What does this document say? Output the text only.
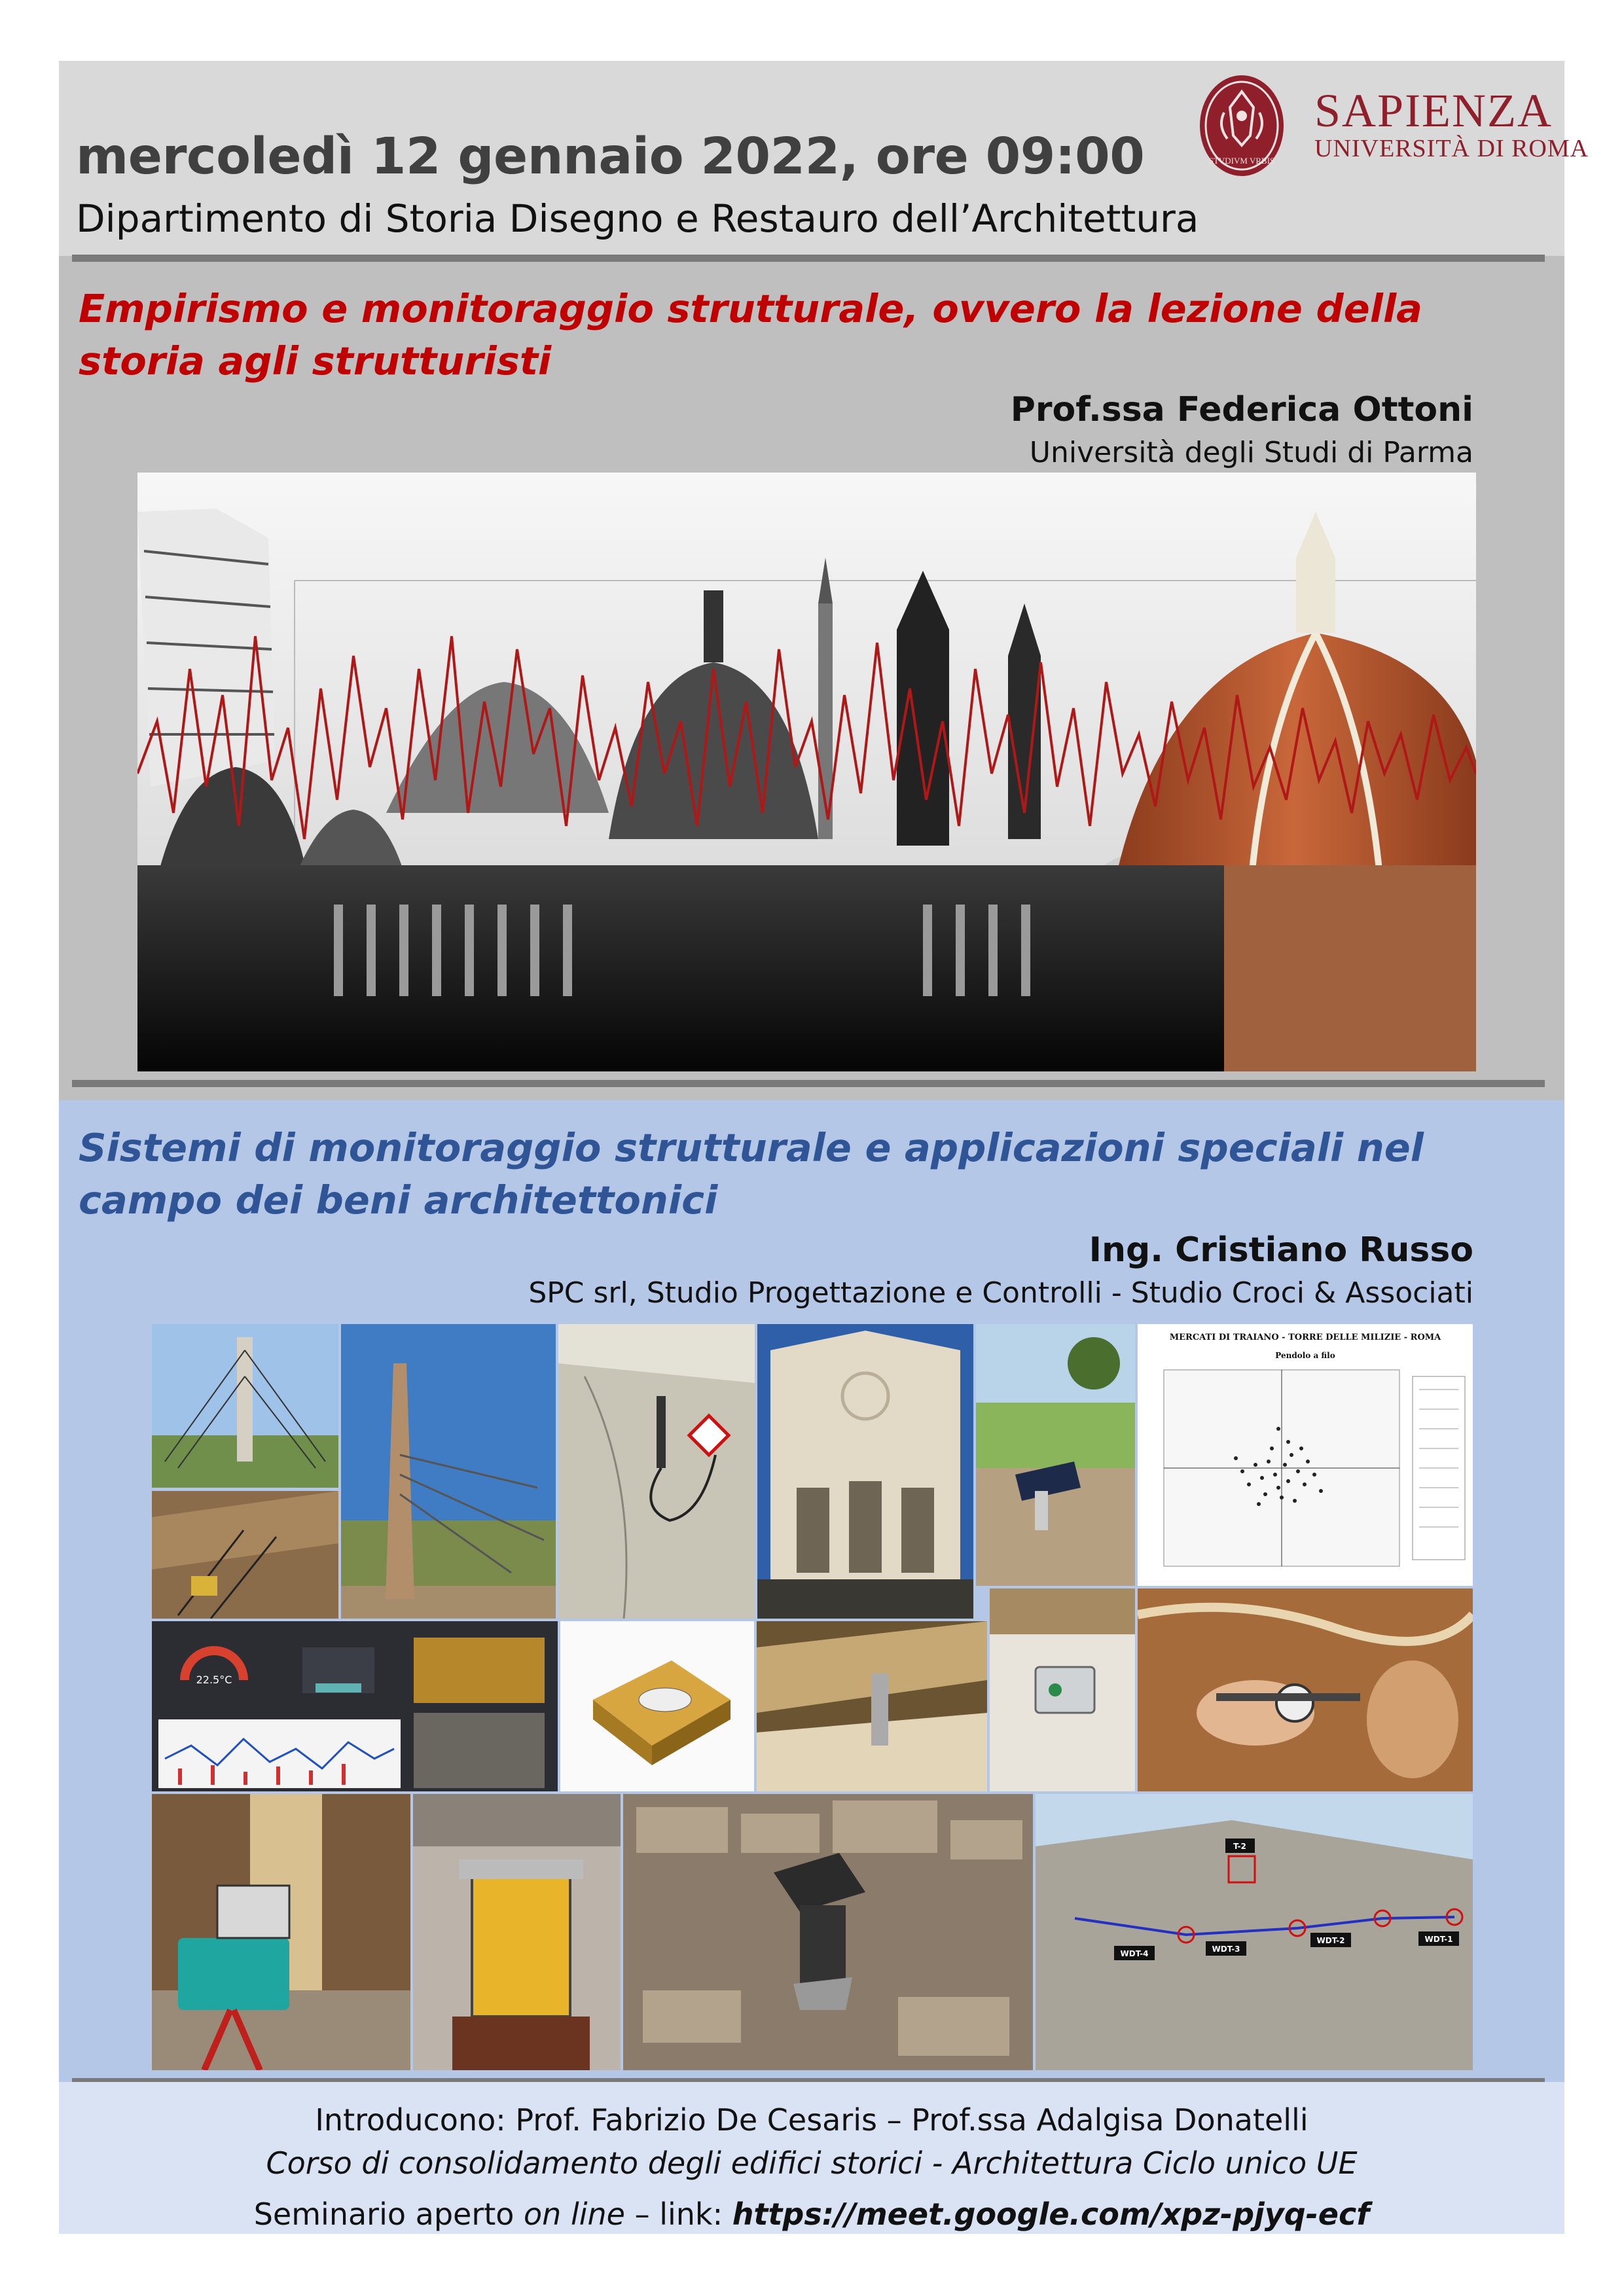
mercoledì 12 gennaio 2022, ore 09:00
Dipartimento di Storia Disegno e Restauro dell’Architettura
STVDIVM VRBIS
SAPIENZA
UNIVERSITÀ DI ROMA
Empirismo e monitoraggio strutturale, ovvero la lezione della storia agli strutturisti
Prof.ssa Federica Ottoni
Università degli Studi di Parma
Sistemi di monitoraggio strutturale e applicazioni speciali nel campo dei beni architettonici
Ing. Cristiano Russo
SPC srl, Studio Progettazione e Controlli - Studio Croci & Associati
MERCATI DI TRAIANO - TORRE DELLE MILIZIE - ROMA
Pendolo a filo
22.5°C
T-2
WDT-4	WDT-3
WDT-2	WDT-1
Introducono: Prof. Fabrizio De Cesaris – Prof.ssa Adalgisa Donatelli
Corso di consolidamento degli edifici storici - Architettura Ciclo unico UE
Seminario aperto on line – link: https://meet.google.com/xpz-pjyq-ecf
